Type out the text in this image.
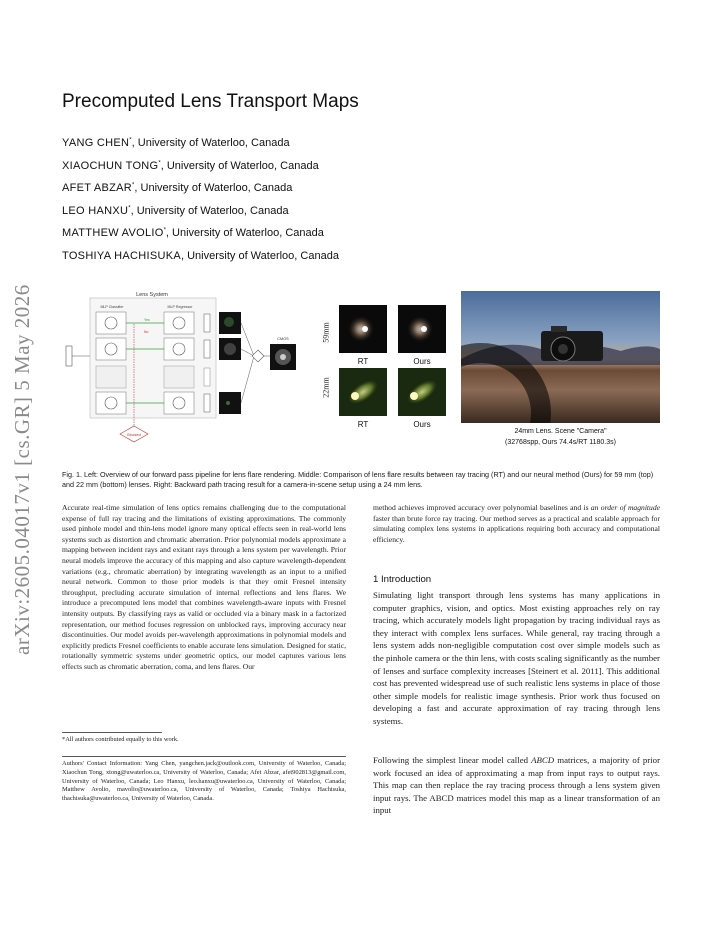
arXiv:2605.04017v1 [cs.GR] 5 May 2026
Precomputed Lens Transport Maps
YANG CHEN*, University of Waterloo, Canada
XIAOCHUN TONG*, University of Waterloo, Canada
AFET ABZAR*, University of Waterloo, Canada
LEO HANXU*, University of Waterloo, Canada
MATTHEW AVOLIO*, University of Waterloo, Canada
TOSHIYA HACHISUKA, University of Waterloo, Canada
Lens System
MLP Classifier	MLP Regressor
Yes
No
Blocked
CMOS	59mm
22mm
RT	Ours
RT	Ours
24mm Lens. Scene "Camera"
(32768spp, Ours 74.4s/RT 1180.3s)
Fig. 1. Left: Overview of our forward pass pipeline for lens flare rendering. Middle: Comparison of lens flare results between ray tracing (RT) and our neural method (Ours) for 59 mm (top) and 22 mm (bottom) lenses. Right: Backward path tracing result for a camera-in-scene setup using a 24 mm lens.
Accurate real-time simulation of lens optics remains challenging due to the computational expense of full ray tracing and the limitations of existing approximations. The commonly used pinhole model and thin-lens model ignore many optical effects seen in real-world lens systems such as distortion and chromatic aberration. Prior polynomial models approximate a mapping between incident rays and exitant rays through a lens system per wavelength. Prior neural models improve the accuracy of this mapping and also capture wavelength-dependent variations (e.g., chromatic aberration) by integrating wavelength as an input to a unified neural network. Common to those prior models is that they omit Fresnel intensity throughput, precluding accurate simulation of internal reflections and lens flares. We introduce a precomputed lens model that combines wavelength-aware inputs with Fresnel intensity outputs. By classifying rays as valid or occluded via a binary mask in a factorized representation, our method focuses regression on unblocked rays, improving accuracy near discontinuities. Our model avoids per-wavelength approximations in polynomial models and explicitly predicts Fresnel coefficients to enable accurate lens simulation. Designed for static, rotationally symmetric systems under geometric optics, our model captures various lens effects such as chromatic aberration, coma, and lens flares. Our
*All authors contributed equally to this work.
Authors' Contact Information: Yang Chen, yangchen.jack@outlook.com, University of Waterloo, Canada; Xiaochun Tong, xtong@uwaterloo.ca, University of Waterloo, Canada; Afet Abzar, afet902813@gmail.com, University of Waterloo, Canada; Leo Hanxu, leo.hanxu@uwaterloo.ca, University of Waterloo, Canada; Matthew Avolio, mavolio@uwaterloo.ca, University of Waterloo, Canada; Toshiya Hachisuka, thachisuka@uwaterloo.ca, University of Waterloo, Canada.
method achieves improved accuracy over polynomial baselines and is an order of magnitude faster than brute force ray tracing. Our method serves as a practical and scalable approach for simulating complex lens systems in applications requiring both accuracy and computational efficiency.
1 Introduction
Simulating light transport through lens systems has many applications in computer graphics, vision, and optics. Most existing approaches rely on ray tracing, which accurately models light propagation by tracing individual rays as they interact with complex lens surfaces. While general, ray tracing through a lens system adds non-negligible computation cost over simple models such as the pinhole camera or the thin lens, with costs scaling significantly as the number of lenses and surface complexity increases [Steinert et al. 2011]. This additional cost has prevented widespread use of such realistic lens systems in place of those other simple models for realistic image synthesis. Prior work thus focused on developing a fast and accurate approximation of ray tracing through lens systems.
Following the simplest linear model called ABCD matrices, a majority of prior work focused an idea of approximating a map from input rays to output rays. This map can then replace the ray tracing process through a lens system given input rays. The ABCD matrices model this map as a linear transformation of an input
